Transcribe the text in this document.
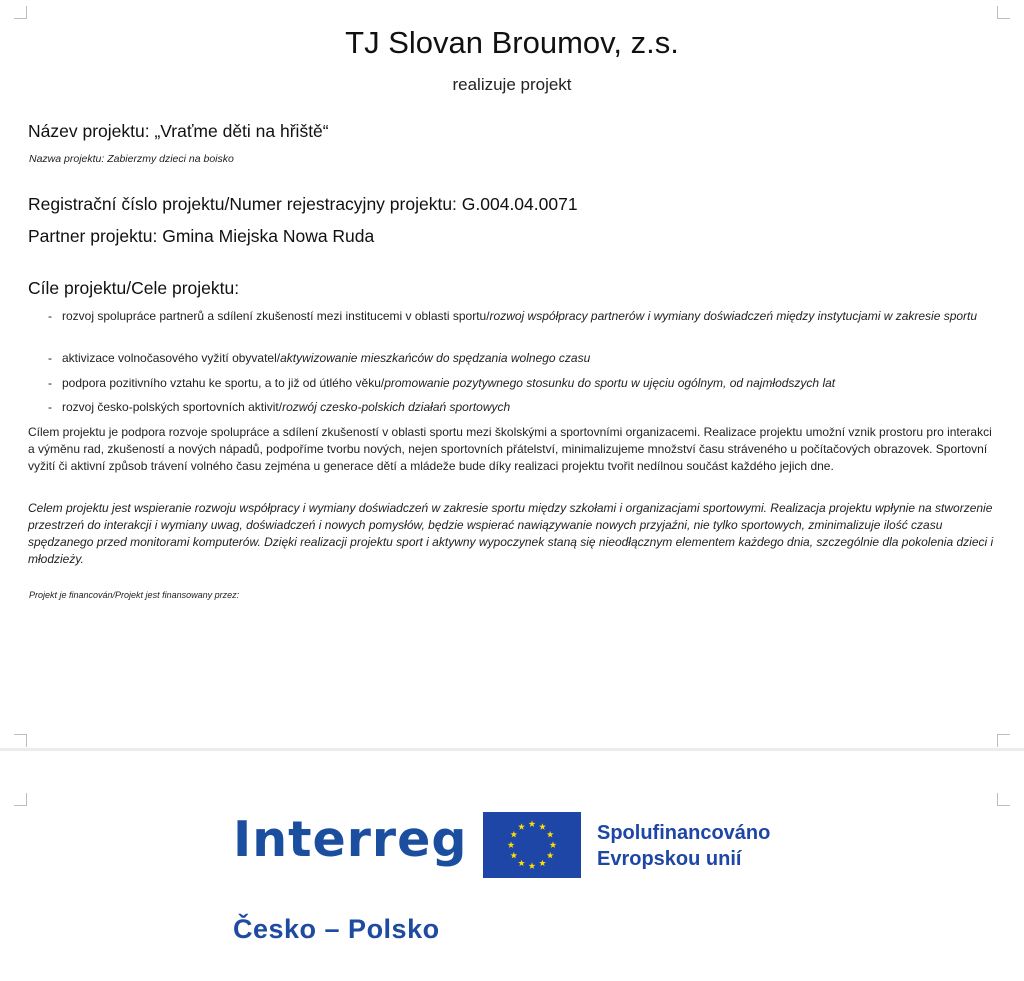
TJ Slovan Broumov, z.s.
realizuje projekt
Název projektu: „Vraťme děti na hřiště“
Nazwa projektu: Zabierzmy dzieci na boisko
Registrační číslo projektu/Numer rejestracyjny projektu: G.004.04.0071
Partner projektu: Gmina Miejska Nowa Ruda
Cíle projektu/Cele projektu:
- rozvoj spolupráce partnerů a sdílení zkušeností mezi institucemi v oblasti sportu/rozwoj współpracy partnerów i wymiany doświadczeń między instytucjami w zakresie sportu
- aktivizace volnočasového vyžití obyvatel/aktywizowanie mieszkańców do spędzania wolnego czasu
- podpora pozitivního vztahu ke sportu, a to již od útlého věku/promowanie pozytywnego stosunku do sportu w ujęciu ogólnym, od najmłodszych lat
- rozvoj česko-polských sportovních aktivit/rozwój czesko-polskich działań sportowych
Cílem projektu je podpora rozvoje spolupráce a sdílení zkušeností v oblasti sportu mezi školskými a sportovními organizacemi. Realizace projektu umožní vznik prostoru pro interakci a výměnu rad, zkušeností a nových nápadů, podpoříme tvorbu nových, nejen sportovních přátelství, minimalizujeme množství času stráveného u počítačových obrazovek. Sportovní vyžití či aktivní způsob trávení volného času zejména u generace dětí a mládeže bude díky realizaci projektu tvořit nedílnou součást každého jejich dne.
Celem projektu jest wspieranie rozwoju współpracy i wymiany doświadczeń w zakresie sportu między szkołami i organizacjami sportowymi. Realizacja projektu wpłynie na stworzenie przestrzeń do interakcji i wymiany uwag, doświadczeń i nowych pomysłów, będzie wspierać nawiązywanie nowych przyjaźni, nie tylko sportowych, zminimalizuje ilość czasu spędzanego przed monitorami komputerów. Dzięki realizacji projektu sport i aktywny wypoczynek staną się nieodłącznym elementem każdego dnia, szczególnie dla pokolenia dzieci i młodzieży.
Projekt je financován/Projekt jest finansowany przez:
Interreg	Spolufinancováno
Evropskou unií
Česko – Polsko
